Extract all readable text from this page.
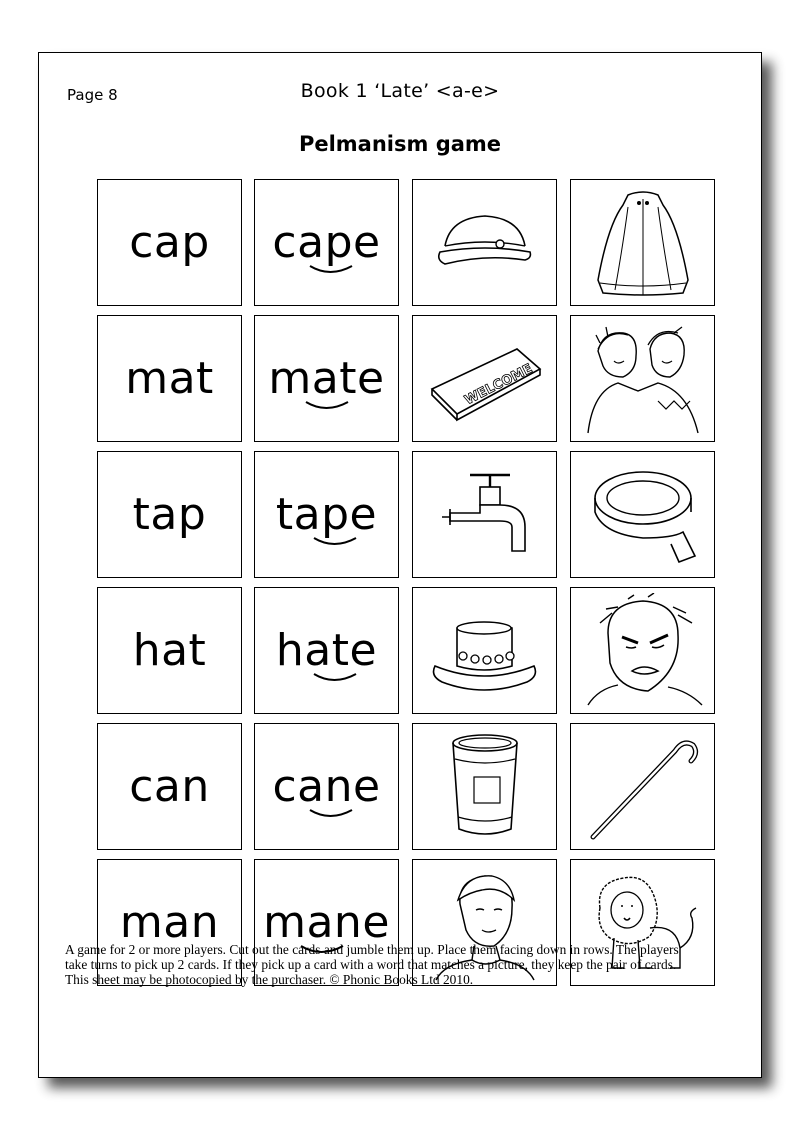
Page 8	Book 1 ‘Late’ <a-e>
Pelmanism game
cap cape
mat mate	WELCOME
tap tape
hat hate
can cane
man mane
A game for 2 or more players. Cut out the cards and jumble them up. Place them facing down in rows. The players take turns to pick up 2 cards. If they pick up a card with a word that matches a picture, they keep the pair of cards. This sheet may be photocopied by the purchaser. © Phonic Books Ltd 2010.
